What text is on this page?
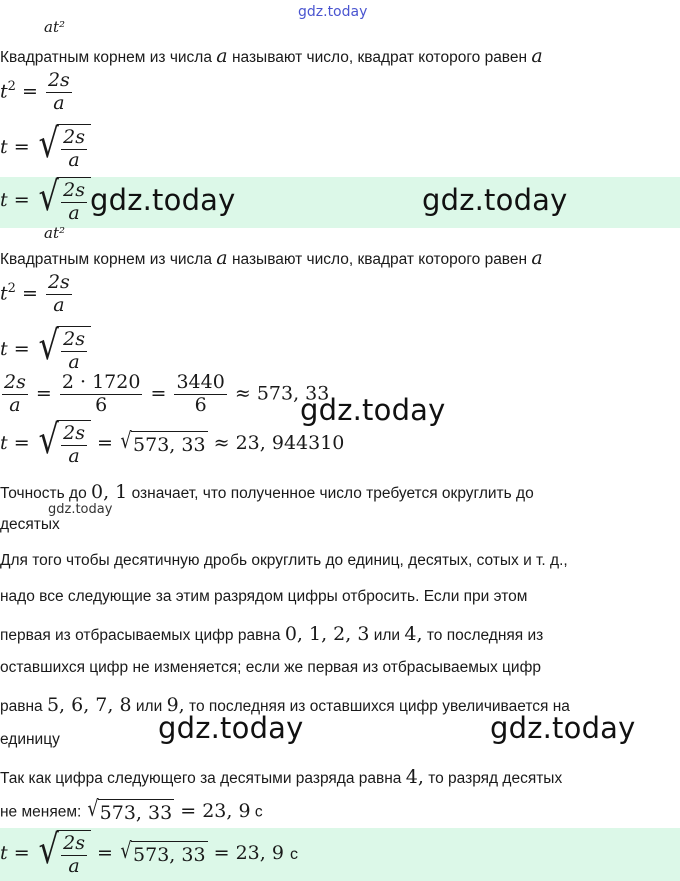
gdz.today
at²
Квадратным корнем из числа a называют число, квадрат которого равен a
$t^2 = \frac{2s}{a}$
t = √ $\frac{2s}{a}$
t = √ $\frac{2s}{a}$ gdz.today	gdz.today
at²
Квадратным корнем из числа a называют число, квадрат которого равен a
$t^2 = \frac{2s}{a}$
t = √ $\frac{2s}{a}$
$\frac{2s}{a} = \frac{2 \cdot 1720}{6} = \frac{3440}{6} \approx 573$, 33
gdz.today
t = √ $\frac{2s}{a}$ = √ 573, 33 ≈ 23, 944310
Точность до 0, 1 означает, что полученное число требуется округлить до
десятых
gdz.today
Для того чтобы десятичную дробь округлить до единиц, десятых, сотых и т. д.,
надо все следующие за этим разрядом цифры отбросить. Если при этом
первая из отбрасываемых цифр равна 0, 1, 2, 3 или 4, то последняя из
оставшихся цифр не изменяется; если же первая из отбрасываемых цифр
равна 5, 6, 7, 8 или 9, то последняя из оставшихся цифр увеличивается на
единицу	gdz.today	gdz.today
Так как цифра следующего за десятыми разряда равна 4, то разряд десятых
не меняем: √ 573, 33 = 23, 9 с
t = √ $\frac{2s}{a}$ = √ 573, 33 = 23, 9 с
